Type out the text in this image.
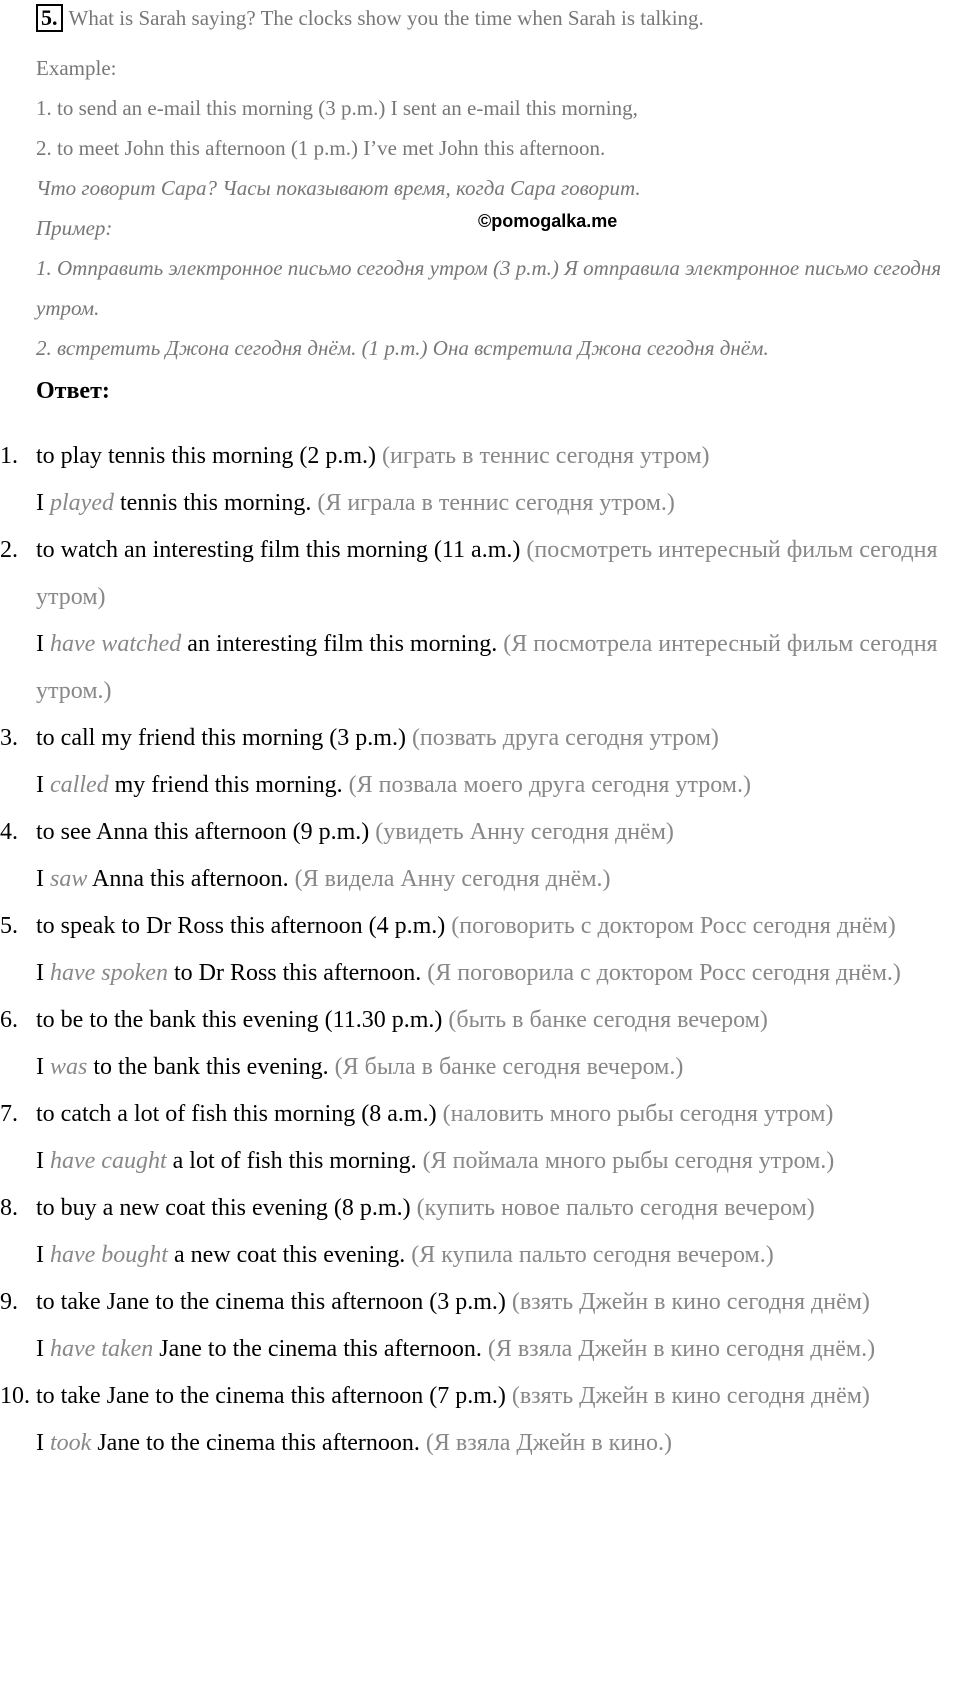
5. What is Sarah saying? The clocks show you the time when Sarah is talking.

Example:

1. to send an e-mail this morning (3 p.m.) I sent an e-mail this morning,

2. to meet John this afternoon (1 p.m.) I’ve met John this afternoon.

Что говорит Сара? Часы показывают время, когда Сара говорит.

Пример:

1. Отправить электронное письмо сегодня утром (3 p.m.) Я отправила электронное письмо сегодня утром.

2. встретить Джона сегодня днём. (1 p.m.) Она встретила Джона сегодня днём.

©pomogalka.me
Ответ:
1. to play tennis this morning (2 p.m.) (играть в теннис сегодня утром)

I played tennis this morning. (Я играла в теннис сегодня утром.)

2. to watch an interesting film this morning (11 a.m.) (посмотреть интересный фильм сегодня утром)

I have watched an interesting film this morning. (Я посмотрела интересный фильм сегодня утром.)

3. to call my friend this morning (3 p.m.) (позвать друга сегодня утром)

I called my friend this morning. (Я позвала моего друга сегодня утром.)

4. to see Anna this afternoon (9 p.m.) (увидеть Анну сегодня днём)

I saw Anna this afternoon. (Я видела Анну сегодня днём.)

5. to speak to Dr Ross this afternoon (4 p.m.) (поговорить с доктором Росс сегодня днём)

I have spoken to Dr Ross this afternoon. (Я поговорила с доктором Росс сегодня днём.)

6. to be to the bank this evening (11.30 p.m.) (быть в банке сегодня вечером)

I was to the bank this evening. (Я была в банке сегодня вечером.)

7. to catch a lot of fish this morning (8 a.m.) (наловить много рыбы сегодня утром)

I have caught a lot of fish this morning. (Я поймала много рыбы сегодня утром.)

8. to buy a new coat this evening (8 p.m.) (купить новое пальто сегодня вечером)

I have bought a new coat this evening. (Я купила пальто сегодня вечером.)

9. to take Jane to the cinema this afternoon (3 p.m.) (взять Джейн в кино сегодня днём)

I have taken Jane to the cinema this afternoon. (Я взяла Джейн в кино сегодня днём.)

10. to take Jane to the cinema this afternoon (7 p.m.) (взять Джейн в кино сегодня днём)

I took Jane to the cinema this afternoon. (Я взяла Джейн в кино.)
